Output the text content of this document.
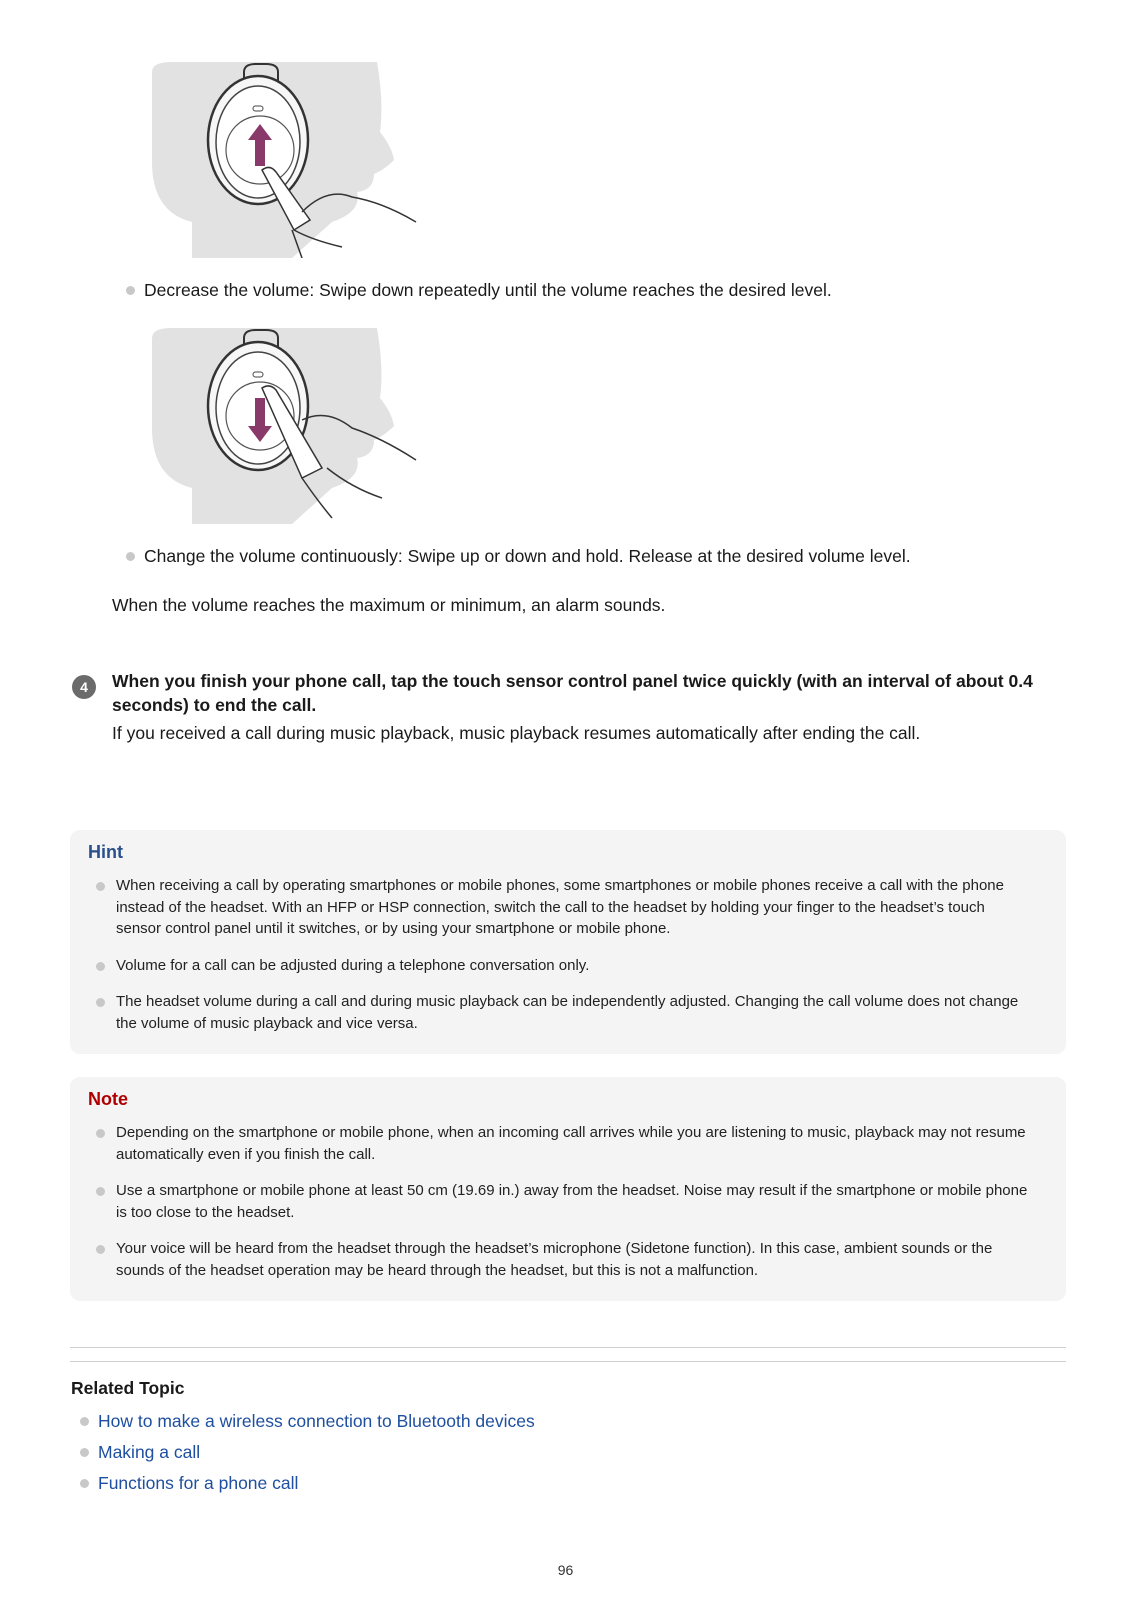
Decrease the volume: Swipe down repeatedly until the volume reaches the desired level.
Change the volume continuously: Swipe up or down and hold. Release at the desired volume level.
When the volume reaches the maximum or minimum, an alarm sounds.
4	When you finish your phone call, tap the touch sensor control panel twice quickly (with an interval of about 0.4 seconds) to end the call.
If you received a call during music playback, music playback resumes automatically after ending the call.
Hint
When receiving a call by operating smartphones or mobile phones, some smartphones or mobile phones receive a call with the phone instead of the headset. With an HFP or HSP connection, switch the call to the headset by holding your finger to the headset’s touch sensor control panel until it switches, or by using your smartphone or mobile phone.
Volume for a call can be adjusted during a telephone conversation only.
The headset volume during a call and during music playback can be independently adjusted. Changing the call volume does not change the volume of music playback and vice versa.
Note
Depending on the smartphone or mobile phone, when an incoming call arrives while you are listening to music, playback may not resume automatically even if you finish the call.
Use a smartphone or mobile phone at least 50 cm (19.69 in.) away from the headset. Noise may result if the smartphone or mobile phone is too close to the headset.
Your voice will be heard from the headset through the headset’s microphone (Sidetone function). In this case, ambient sounds or the sounds of the headset operation may be heard through the headset, but this is not a malfunction.
Related Topic
How to make a wireless connection to Bluetooth devices
Making a call
Functions for a phone call
96
